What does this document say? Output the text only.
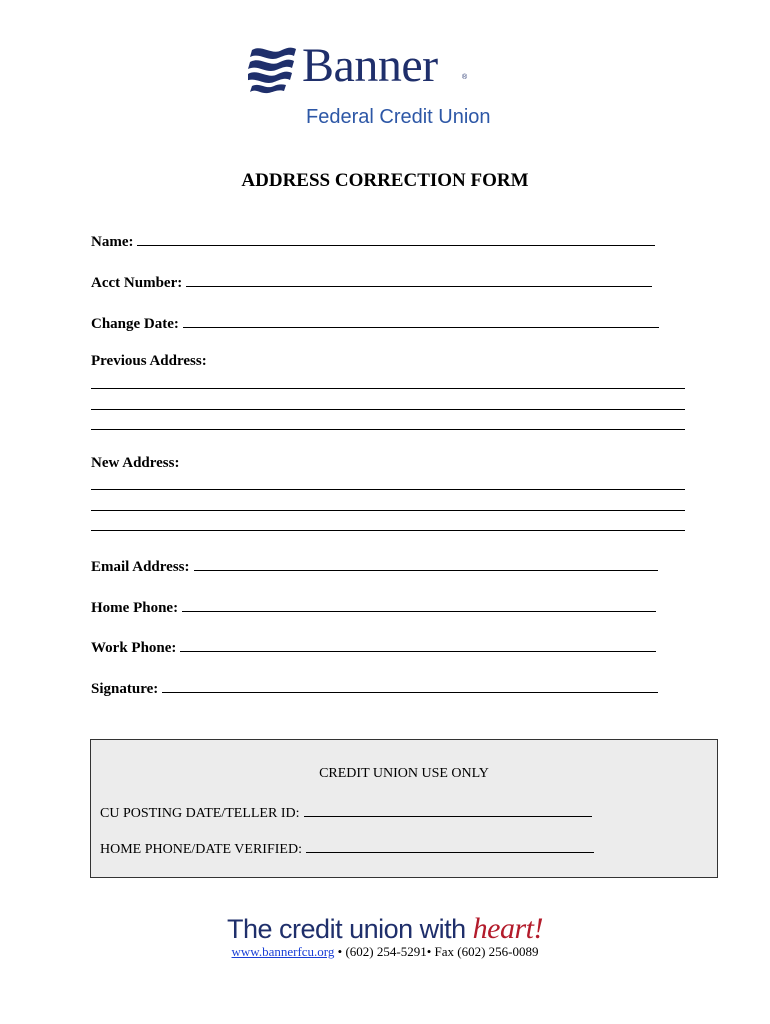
Banner	®
Federal Credit Union
ADDRESS CORRECTION FORM
Name:
Acct Number:
Change Date:
Previous Address:
New Address:
Email Address:
Home Phone:
Work Phone:
Signature:
CREDIT UNION USE ONLY
CU POSTING DATE/TELLER ID:
HOME PHONE/DATE VERIFIED:
The credit union with heart!
www.bannerfcu.org • (602) 254-5291• Fax (602) 256-0089
